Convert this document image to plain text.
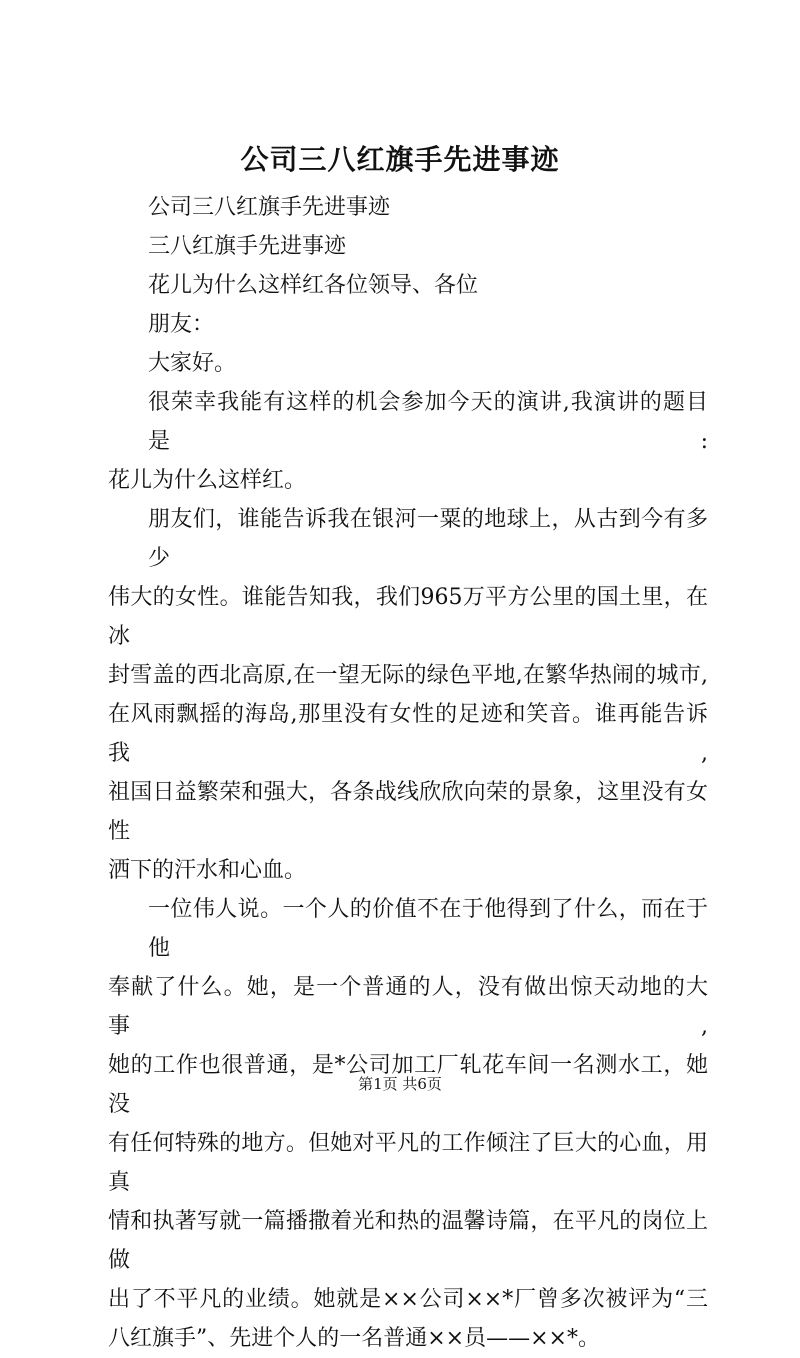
公司三八红旗手先进事迹

公司三八红旗手先进事迹

三八红旗手先进事迹

花儿为什么这样红各位领导、各位

朋友：

大家好。

很荣幸我能有这样的机会参加今天的演讲,我演讲的题目是:

花儿为什么这样红。

朋友们，谁能告诉我在银河一粟的地球上，从古到今有多少

伟大的女性。谁能告知我，我们965万平方公里的国土里，在冰

封雪盖的西北高原,在一望无际的绿色平地,在繁华热闹的城市,

在风雨飘摇的海岛,那里没有女性的足迹和笑音。谁再能告诉我,

祖国日益繁荣和强大，各条战线欣欣向荣的景象，这里没有女性

洒下的汗水和心血。

一位伟人说。一个人的价值不在于他得到了什么，而在于他

奉献了什么。她，是一个普通的人，没有做出惊天动地的大事,

她的工作也很普通，是*公司加工厂轧花车间一名测水工，她没

有任何特殊的地方。但她对平凡的工作倾注了巨大的心血，用真

情和执著写就一篇播撒着光和热的温馨诗篇，在平凡的岗位上做

出了不平凡的业绩。她就是××公司××*厂曾多次被评为“三

八红旗手”、先进个人的一名普通××员——××*。

第1页 共6页
